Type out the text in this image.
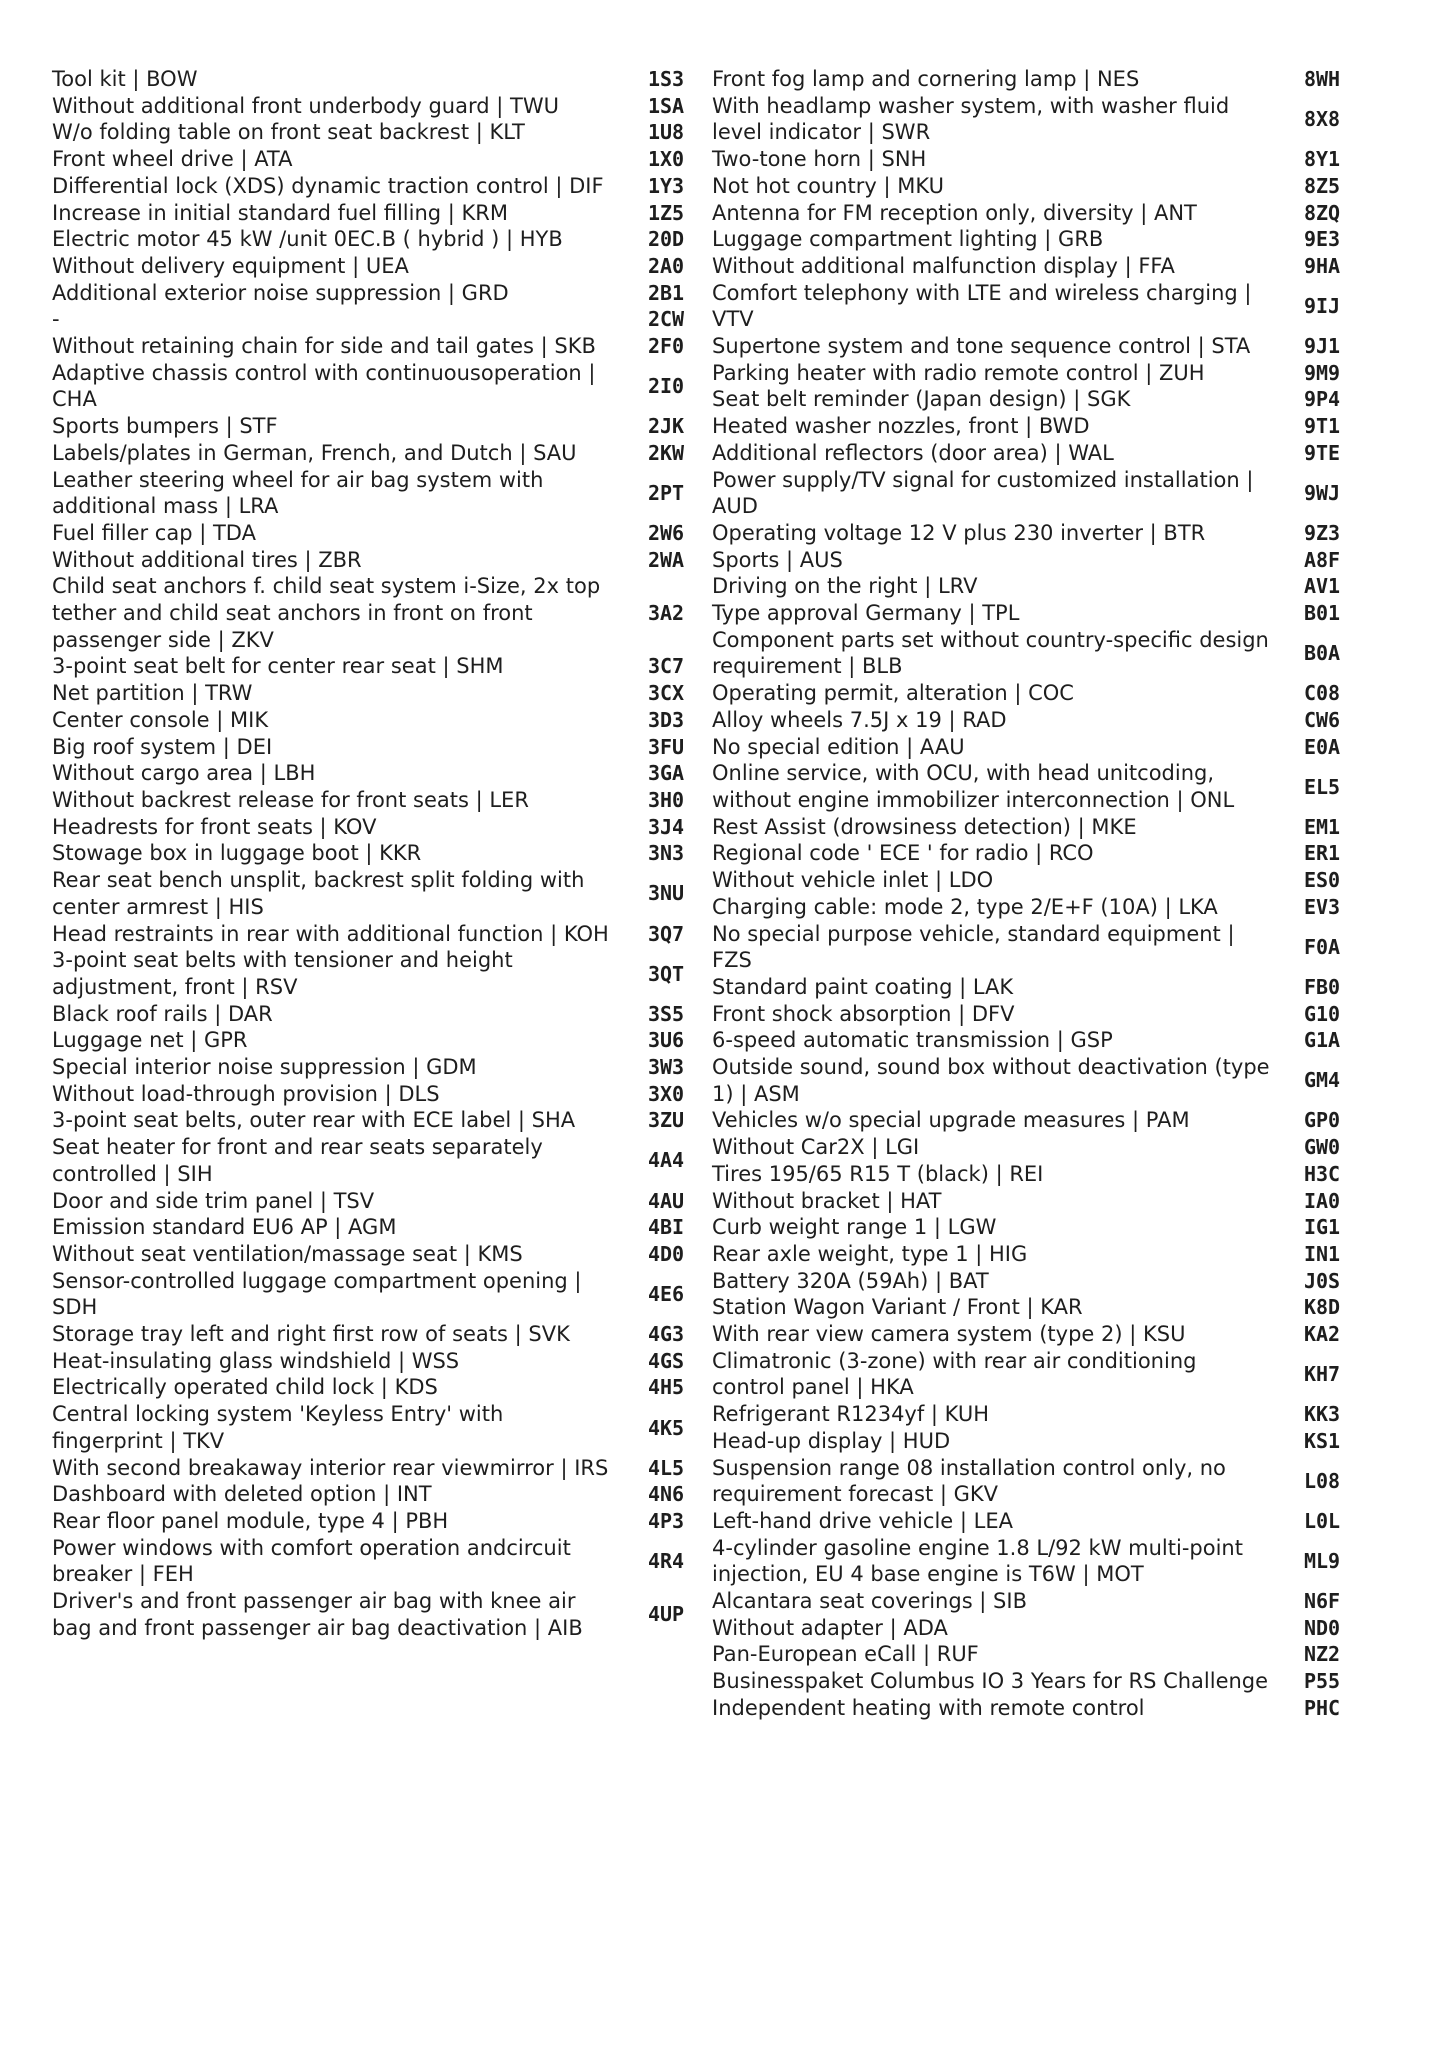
Tool kit | BOW	1S3
Without additional front underbody guard | TWU	1SA
W/o folding table on front seat backrest | KLT	1U8
Front wheel drive | ATA	1X0
Differential lock (XDS) dynamic traction control | DIF	1Y3
Increase in initial standard fuel filling | KRM	1Z5
Electric motor 45 kW /unit 0EC.B ( hybrid ) | HYB	20D
Without delivery equipment | UEA	2A0
Additional exterior noise suppression | GRD	2B1
-	2CW
Without retaining chain for side and tail gates | SKB	2F0
Adaptive chassis control with continuousoperation | CHA	2I0
Sports bumpers | STF	2JK
Labels/plates in German, French, and Dutch | SAU	2KW
Leather steering wheel for air bag system with additional mass | LRA	2PT
Fuel filler cap | TDA	2W6
Without additional tires | ZBR	2WA
Child seat anchors f. child seat system i-Size, 2x top tether and child seat anchors in front on front passenger side | ZKV	3A2
3-point seat belt for center rear seat | SHM	3C7
Net partition | TRW	3CX
Center console | MIK	3D3
Big roof system | DEI	3FU
Without cargo area | LBH	3GA
Without backrest release for front seats | LER	3H0
Headrests for front seats | KOV	3J4
Stowage box in luggage boot | KKR	3N3
Rear seat bench unsplit, backrest split folding with center armrest | HIS	3NU
Head restraints in rear with additional function | KOH	3Q7
3-point seat belts with tensioner and height adjustment, front | RSV	3QT
Black roof rails | DAR	3S5
Luggage net | GPR	3U6
Special interior noise suppression | GDM	3W3
Without load-through provision | DLS	3X0
3-point seat belts, outer rear with ECE label | SHA	3ZU
Seat heater for front and rear seats separately controlled | SIH	4A4
Door and side trim panel | TSV	4AU
Emission standard EU6 AP | AGM	4BI
Without seat ventilation/massage seat | KMS	4D0
Sensor-controlled luggage compartment opening | SDH	4E6
Storage tray left and right first row of seats | SVK	4G3
Heat-insulating glass windshield | WSS	4GS
Electrically operated child lock | KDS	4H5
Central locking system 'Keyless Entry' with fingerprint | TKV	4K5
With second breakaway interior rear viewmirror | IRS	4L5
Dashboard with deleted option | INT	4N6
Rear floor panel module, type 4 | PBH	4P3
Power windows with comfort operation andcircuit breaker | FEH	4R4
Driver's and front passenger air bag with knee air bag and front passenger air bag deactivation | AIB	4UP
Front fog lamp and cornering lamp | NES	8WH
With headlamp washer system, with washer fluid level indicator | SWR	8X8
Two-tone horn | SNH	8Y1
Not hot country | MKU	8Z5
Antenna for FM reception only, diversity | ANT	8ZQ
Luggage compartment lighting | GRB	9E3
Without additional malfunction display | FFA	9HA
Comfort telephony with LTE and wireless charging | VTV	9IJ
Supertone system and tone sequence control | STA	9J1
Parking heater with radio remote control | ZUH	9M9
Seat belt reminder (Japan design) | SGK	9P4
Heated washer nozzles, front | BWD	9T1
Additional reflectors (door area) | WAL	9TE
Power supply/TV signal for customized installation | AUD	9WJ
Operating voltage 12 V plus 230 inverter | BTR	9Z3
Sports | AUS	A8F
Driving on the right | LRV	AV1
Type approval Germany | TPL	B01
Component parts set without country-specific design requirement | BLB	B0A
Operating permit, alteration | COC	C08
Alloy wheels 7.5J x 19 | RAD	CW6
No special edition | AAU	E0A
Online service, with OCU, with head unitcoding, without engine immobilizer interconnection | ONL	EL5
Rest Assist (drowsiness detection) | MKE	EM1
Regional code ' ECE ' for radio | RCO	ER1
Without vehicle inlet | LDO	ES0
Charging cable: mode 2, type 2/E+F (10A) | LKA	EV3
No special purpose vehicle, standard equipment | FZS	F0A
Standard paint coating | LAK	FB0
Front shock absorption | DFV	G10
6-speed automatic transmission | GSP	G1A
Outside sound, sound box without deactivation (type 1) | ASM	GM4
Vehicles w/o special upgrade measures | PAM	GP0
Without Car2X | LGI	GW0
Tires 195/65 R15 T (black) | REI	H3C
Without bracket | HAT	IA0
Curb weight range 1 | LGW	IG1
Rear axle weight, type 1 | HIG	IN1
Battery 320A (59Ah) | BAT	J0S
Station Wagon Variant / Front | KAR	K8D
With rear view camera system (type 2) | KSU	KA2
Climatronic (3-zone) with rear air conditioning control panel | HKA	KH7
Refrigerant R1234yf | KUH	KK3
Head-up display | HUD	KS1
Suspension range 08 installation control only, no requirement forecast | GKV	L08
Left-hand drive vehicle | LEA	L0L
4-cylinder gasoline engine 1.8 L/92 kW multi-point injection, EU 4 base engine is T6W | MOT	ML9
Alcantara seat coverings | SIB	N6F
Without adapter | ADA	ND0
Pan-European eCall | RUF	NZ2
Businesspaket Columbus IO 3 Years for RS Challenge	P55
Independent heating with remote control	PHC
